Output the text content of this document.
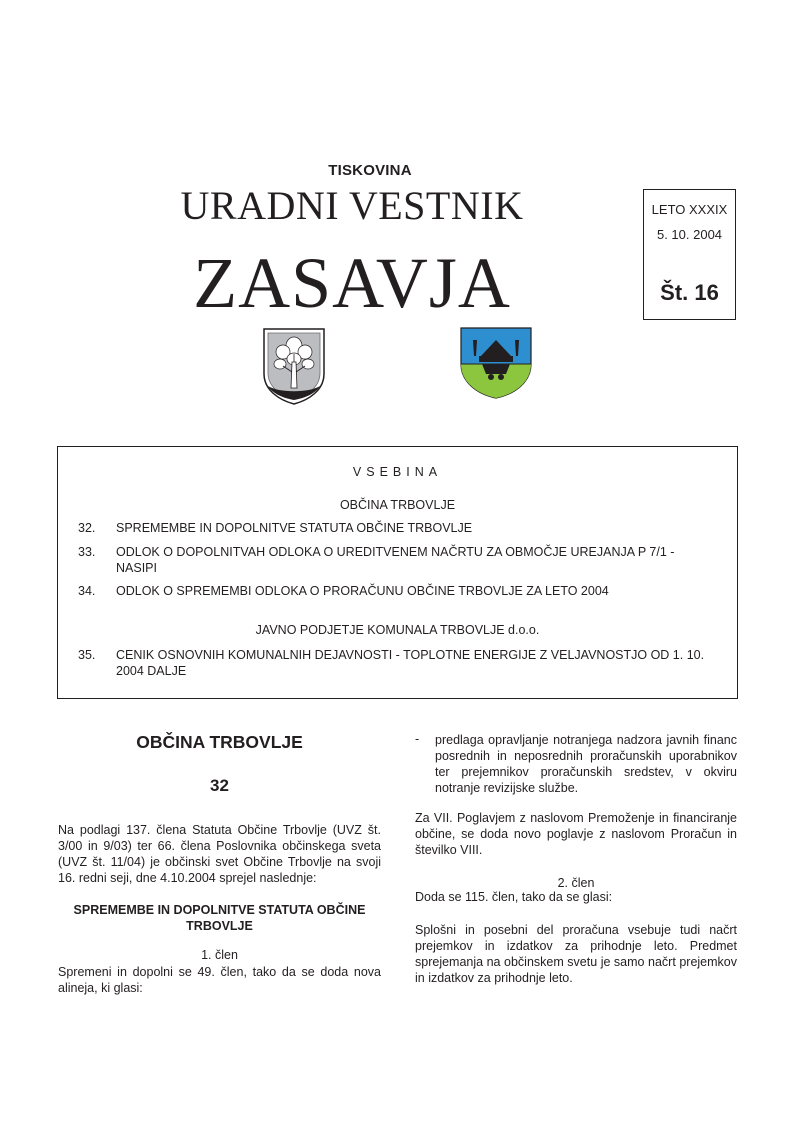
TISKOVINA
URADNI VESTNIK
ZASAVJA
LETO XXXIX
5. 10. 2004
Št. 16
VSEBINA
OBČINA TRBOVLJE
32. SPREMEMBE IN DOPOLNITVE STATUTA OBČINE TRBOVLJE
33. ODLOK O DOPOLNITVAH ODLOKA O UREDITVENEM NAČRTU ZA OBMOČJE UREJANJA P 7/1 - NASIPI
34. ODLOK O SPREMEMBI ODLOKA O PRORAČUNU OBČINE TRBOVLJE ZA LETO 2004
JAVNO PODJETJE KOMUNALA TRBOVLJE d.o.o.
35. CENIK OSNOVNIH KOMUNALNIH DEJAVNOSTI - TOPLOTNE ENERGIJE Z VELJAVNOSTJO OD 1. 10. 2004 DALJE
OBČINA TRBOVLJE
32

Na podlagi 137. člena Statuta Občine Trbovlje (UVZ št. 3/00 in 9/03) ter 66. člena Poslovnika občinskega sveta (UVZ št. 11/04) je občinski svet Občine Trbovlje na svoji 16. redni seji, dne 4.10.2004 sprejel naslednje:

SPREMEMBE IN DOPOLNITVE STATUTA OBČINE TRBOVLJE
1. člen

Spremeni in dopolni se 49. člen, tako da se doda nova alineja, ki glasi:

- predlaga opravljanje notranjega nadzora javnih financ posrednih in neposrednih proračunskih uporabnikov ter prejemnikov proračunskih sredstev, v okviru notranje revizijske službe.

Za VII. Poglavjem z naslovom Premoženje in financiranje občine, se doda novo poglavje z naslovom Proračun in številko VIII.

2. člen
Doda se 115. člen, tako da se glasi:

Splošni in posebni del proračuna vsebuje tudi načrt prejemkov in izdatkov za prihodnje leto. Predmet sprejemanja na občinskem svetu je samo načrt prejemkov in izdatkov za prihodnje leto.
